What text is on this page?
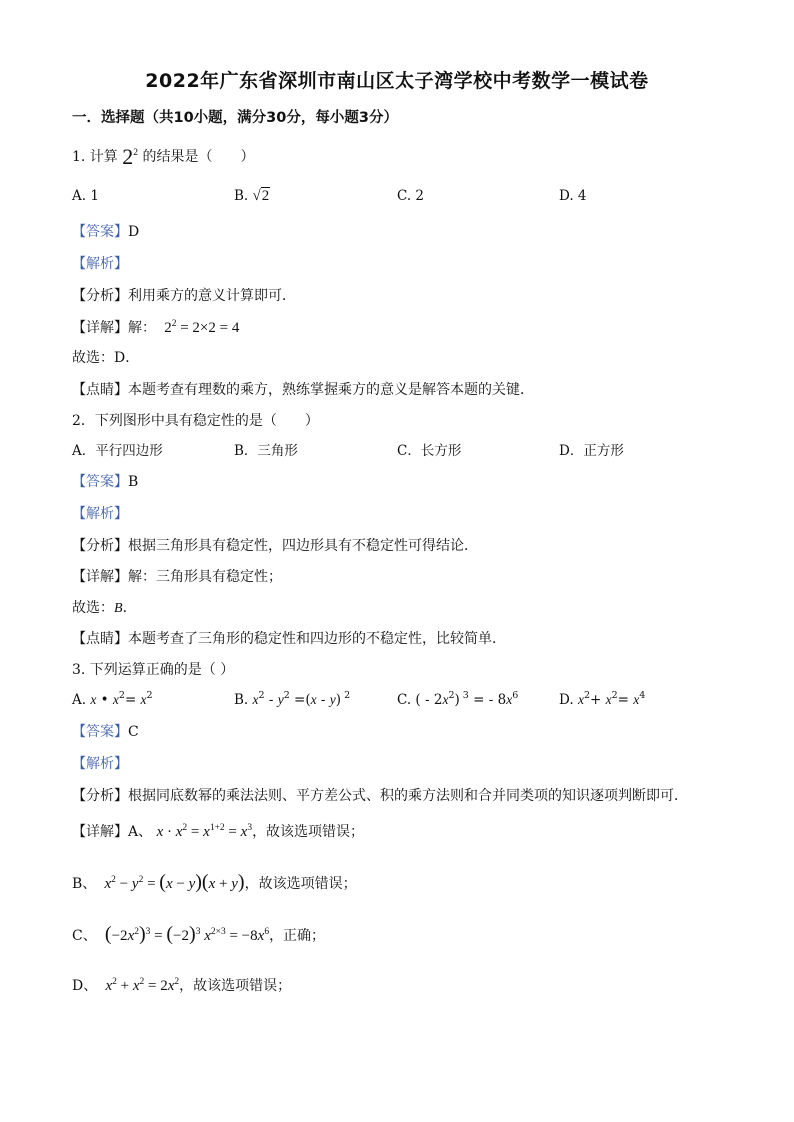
2022年广东省深圳市南山区太子湾学校中考数学一模试卷
一．选择题（共10小题，满分30分，每小题3分）
1. 计算 $2^2$ 的结果是（　　）
A. 1	B. √2	C. 2	D. 4
【答案】D
【解析】
【分析】利用乘方的意义计算即可．
【详解】解： $2^2 = 2\times 2 = 4$
故选：D．
【点睛】本题考查有理数的乘方，熟练掌握乘方的意义是解答本题的关键．
2．下列图形中具有稳定性的是（　　）
A．平行四边形	B．三角形	C．长方形	D．正方形
【答案】B
【解析】
【分析】根据三角形具有稳定性，四边形具有不稳定性可得结论．
【详解】解：三角形具有稳定性；
故选：B．
【点睛】本题考查了三角形的稳定性和四边形的不稳定性，比较简单．
3. 下列运算正确的是（ ）
A. x • $x^2= x^2$	B. $x^2 - y^2 =(x - y)$ $^2$	C. ( - $2x^2$) $^3$ = - $8x^6$	D. $x^2+ x^2= x^4$
【答案】C
【解析】
【分析】根据同底数幂的乘法法则、平方差公式、积的乘方法则和合并同类项的知识逐项判断即可．
【详解】A、 $x \cdot x^2 = x^{1+2} = x^3$，故该选项错误；
B、 $x^2 - y^2 = (x - y)(x + y)$，故该选项错误；
C、 $(-2x^2)^3 = (-2)^3$ $x^{2\times 3} = -8x^6$，正确；
D、 $x^2 + x^2 = 2x^2$，故该选项错误；
